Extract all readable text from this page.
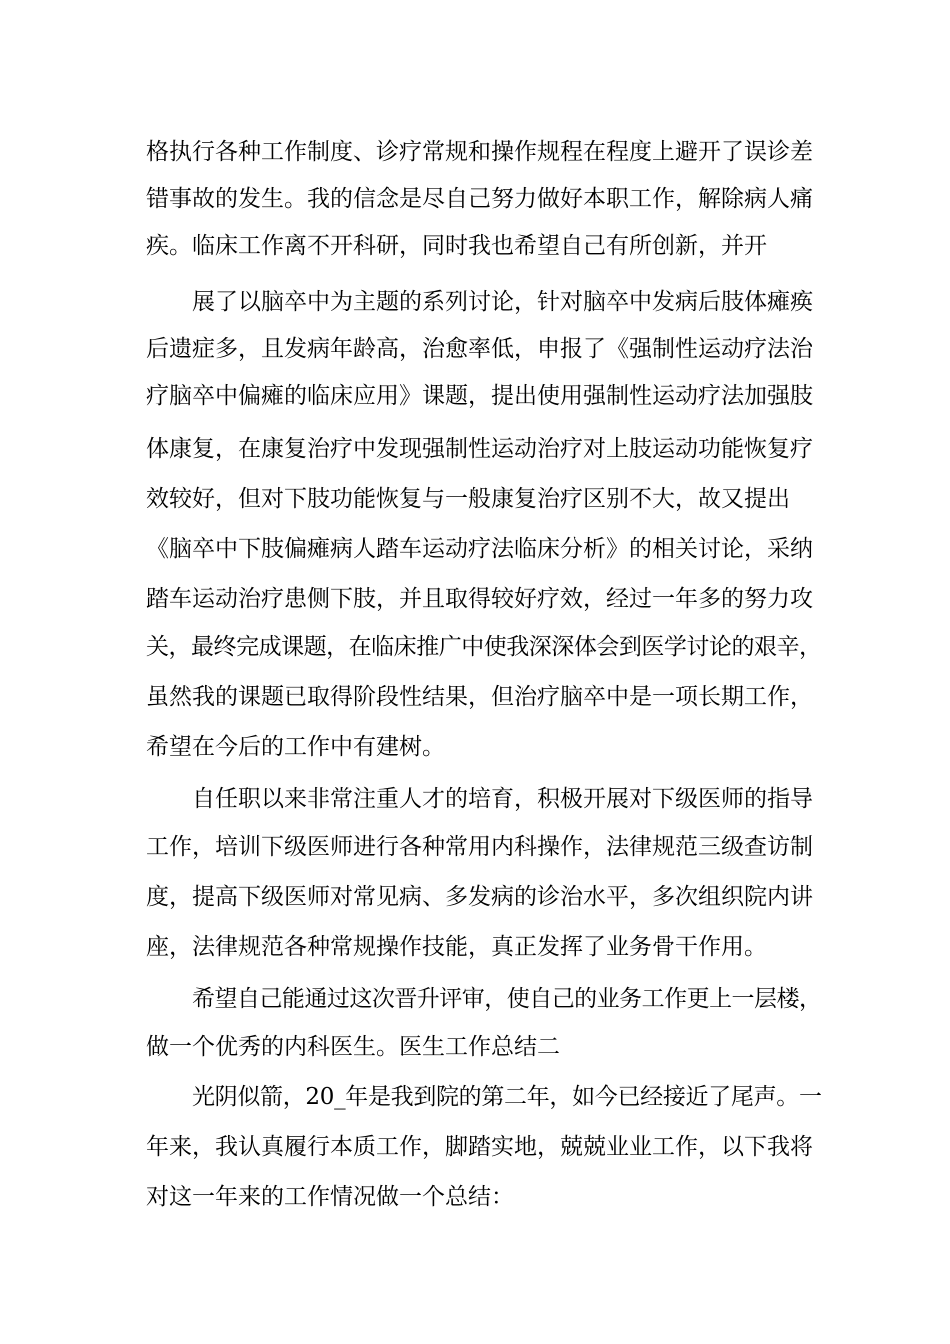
格执行各种工作制度、诊疗常规和操作规程在程度上避开了误诊差
错事故的发生。我的信念是尽自己努力做好本职工作，解除病人痛
疾。临床工作离不开科研，同时我也希望自己有所创新，并开
展了以脑卒中为主题的系列讨论，针对脑卒中发病后肢体瘫痪
后遗症多，且发病年龄高，治愈率低，申报了《强制性运动疗法治
疗脑卒中偏瘫的临床应用》课题，提出使用强制性运动疗法加强肢
体康复，在康复治疗中发现强制性运动治疗对上肢运动功能恢复疗
效较好，但对下肢功能恢复与一般康复治疗区别不大，故又提出
《脑卒中下肢偏瘫病人踏车运动疗法临床分析》的相关讨论，采纳
踏车运动治疗患侧下肢，并且取得较好疗效，经过一年多的努力攻
关，最终完成课题，在临床推广中使我深深体会到医学讨论的艰辛，
虽然我的课题已取得阶段性结果，但治疗脑卒中是一项长期工作，
希望在今后的工作中有建树。
自任职以来非常注重人才的培育，积极开展对下级医师的指导
工作，培训下级医师进行各种常用内科操作，法律规范三级查访制
度，提高下级医师对常见病、多发病的诊治水平，多次组织院内讲
座，法律规范各种常规操作技能，真正发挥了业务骨干作用。
希望自己能通过这次晋升评审，使自己的业务工作更上一层楼，
做一个优秀的内科医生。医生工作总结二
光阴似箭，20_年是我到院的第二年，如今已经接近了尾声。一
年来，我认真履行本质工作，脚踏实地，兢兢业业工作，以下我将
对这一年来的工作情况做一个总结：
